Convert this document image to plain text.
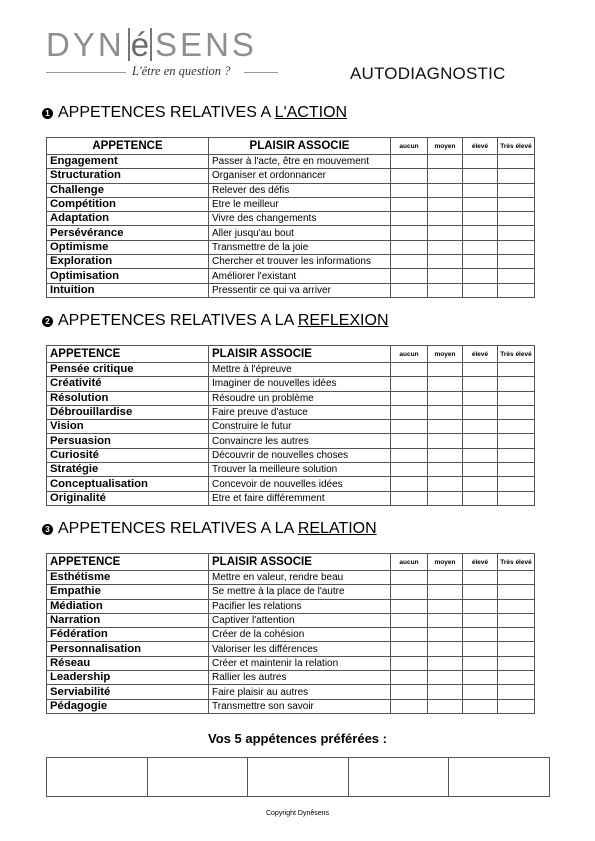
DYN é SENS
L'être en question ?	AUTODIAGNOSTIC
1 APPETENCES RELATIVES A L'ACTION
APPETENCE	PLAISIR ASSOCIE	aucun	moyen	élevé	Très élevé
Engagement	Passer à l'acte, être en mouvement				
Structuration	Organiser et ordonnancer				
Challenge	Relever des défis				
Compétition	Etre le meilleur				
Adaptation	Vivre des changements				
Persévérance	Aller jusqu'au bout				
Optimisme	Transmettre de la joie				
Exploration	Chercher et trouver les informations				
Optimisation	Améliorer l'existant				
Intuition	Pressentir ce qui va arriver				
2 APPETENCES RELATIVES A LA REFLEXION
APPETENCE	PLAISIR ASSOCIE	aucun	moyen	élevé	Très élevé
Pensée critique	Mettre à l'épreuve				
Créativité	Imaginer de nouvelles idées				
Résolution	Résoudre un problème				
Débrouillardise	Faire preuve d'astuce				
Vision	Construire le futur				
Persuasion	Convaincre les autres				
Curiosité	Découvrir de nouvelles choses				
Stratégie	Trouver la meilleure solution				
Conceptualisation	Concevoir de nouvelles idées				
Originalité	Etre et faire différemment				
3 APPETENCES RELATIVES A LA RELATION
APPETENCE	PLAISIR ASSOCIE	aucun	moyen	élevé	Très élevé
Esthétisme	Mettre en valeur, rendre beau				
Empathie	Se mettre à la place de l'autre				
Médiation	Pacifier les relations				
Narration	Captiver l'attention				
Fédération	Créer de la cohésion				
Personnalisation	Valoriser les différences				
Réseau	Créer et maintenir la relation				
Leadership	Rallier les autres				
Serviabilité	Faire plaisir au autres				
Pédagogie	Transmettre son savoir				
Vos 5 appétences préférées :

Copyright Dynêsens
